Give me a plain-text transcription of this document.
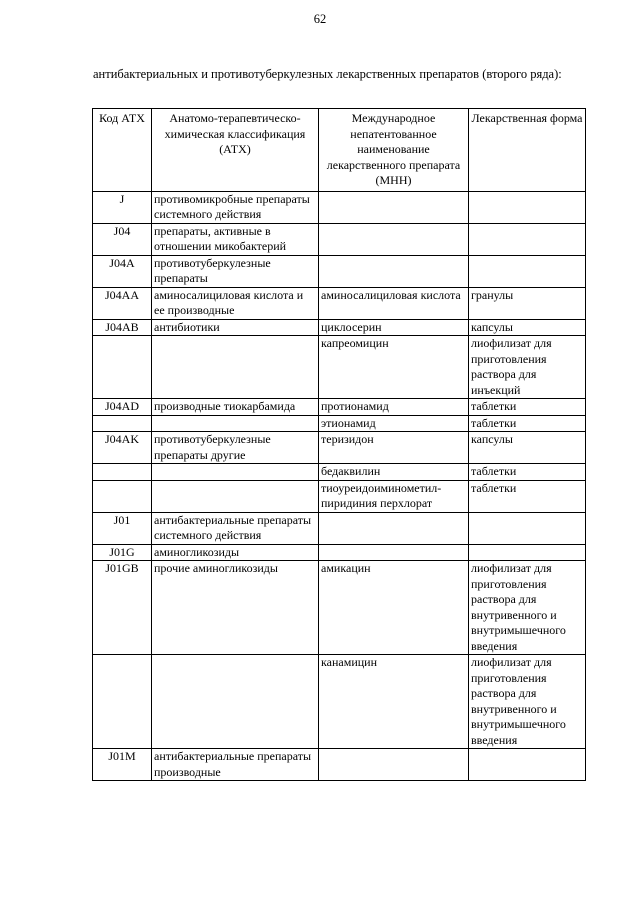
62
антибактериальных и противотуберкулезных лекарственных препаратов (второго ряда):
Код АТХ	Анатомо-терапевтическо-химическая классификация (АТХ)	Международное непатентованное наименование лекарственного препарата (МНН)	Лекарственная форма
J	противомикробные препараты системного действия		
J04	препараты, активные в отношении микобактерий		
J04A	противотуберкулезные препараты		
J04AA	аминосалициловая кислота и ее производные	аминосалициловая кислота	гранулы
J04AB	антибиотики	циклосерин	капсулы
		капреомицин	лиофилизат для приготовления раствора для инъекций
J04AD	производные тиокарбамида	протионамид	таблетки
		этионамид	таблетки
J04AK	противотуберкулезные препараты другие	теризидон	капсулы
		бедаквилин	таблетки
		тиоуреидоиминометил-пиридиния перхлорат	таблетки
J01	антибактериальные препараты системного действия		
J01G	аминогликозиды		
J01GB	прочие аминогликозиды	амикацин	лиофилизат для приготовления раствора для внутривенного и внутримышечного введения
		канамицин	лиофилизат для приготовления раствора для внутривенного и внутримышечного введения
J01M	антибактериальные препараты производные		
